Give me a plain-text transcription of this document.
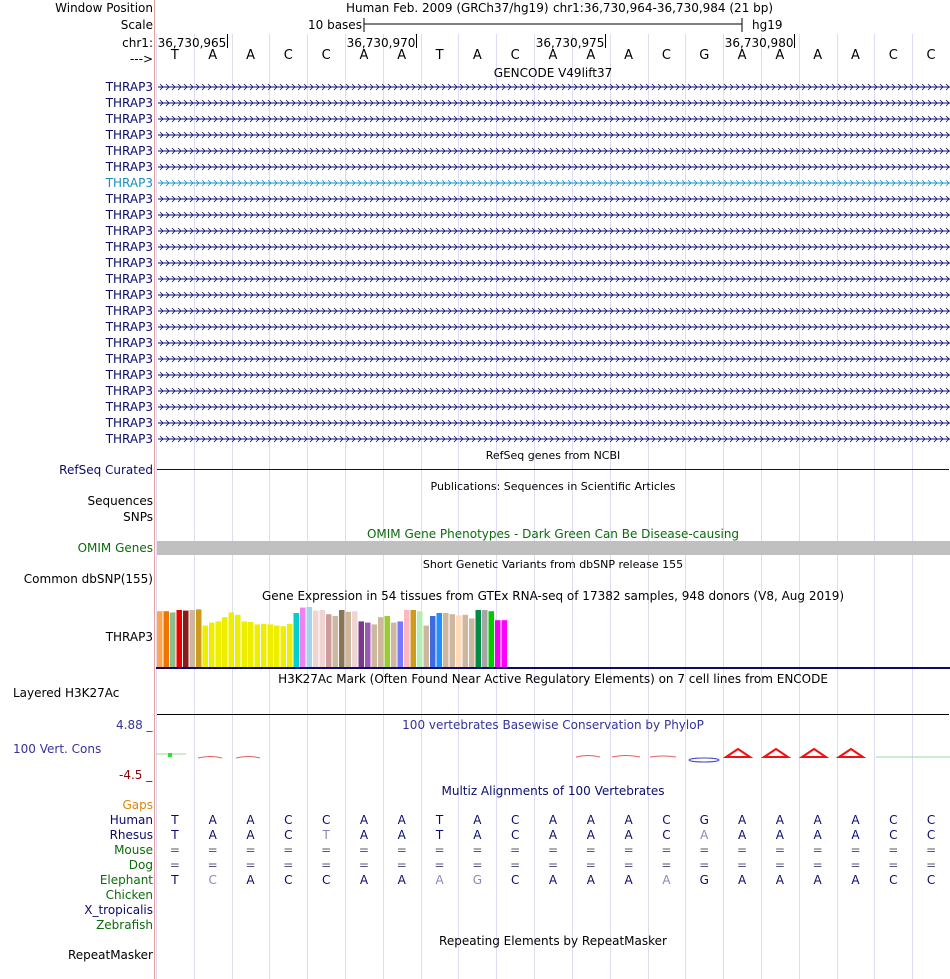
Window Position	Human Feb. 2009 (GRCh37/hg19) chr1:36,730,964-36,730,984 (21 bp)
Scale	10 bases	hg19
chr1: 36,730,965	36,730,970	36,730,975	36,730,980
---> T A A C C A A T A C A A A C G A A A A C C
GENCODE V49lift37
THRAP3
THRAP3
THRAP3
THRAP3
THRAP3
THRAP3
THRAP3
THRAP3
THRAP3
THRAP3
THRAP3
THRAP3
THRAP3
THRAP3
THRAP3
THRAP3
THRAP3
THRAP3
THRAP3
THRAP3
THRAP3
THRAP3
THRAP3
RefSeq genes from NCBI
RefSeq Curated
Publications: Sequences in Scientific Articles
Sequences
SNPs
OMIM Gene Phenotypes - Dark Green Can Be Disease-causing
OMIM Genes
Short Genetic Variants from dbSNP release 155
Common dbSNP(155)
Gene Expression in 54 tissues from GTEx RNA-seq of 17382 samples, 948 donors (V8, Aug 2019)
THRAP3
H3K27Ac Mark (Often Found Near Active Regulatory Elements) on 7 cell lines from ENCODE
Layered H3K27Ac
100 vertebrates Basewise Conservation by PhyloP
4.88 _
100 Vert. Cons
-4.5 _
Multiz Alignments of 100 Vertebrates
Gaps
Human T	A A C C A A	T	A C A A A C G A A A A C C
Rhesus T	A A C T	A A	T	A C A A A C A A A A A C C
Mouse = = = = = = = = = = = = = = = = = = = = =
Dog = = = = = = = = = = = = = = = = = = = = =
Elephant T C A C C A A A G C A A A A G A A A A C C
Chicken
X_tropicalis
Zebrafish
Repeating Elements by RepeatMasker
RepeatMasker
